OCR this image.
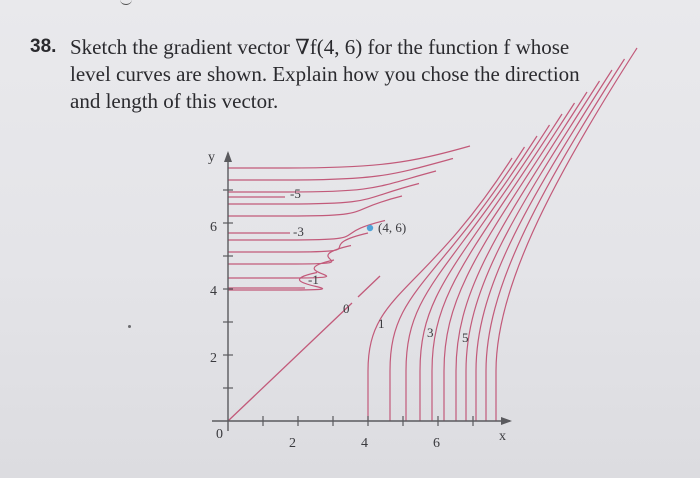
38. Sketch the gradient vector ∇f(4, 6) for the function f whose
level curves are shown. Explain how you chose the direction
and length of this vector.
y
x
0
2	4	6
2
4
6
-5
-3
-1
0
1
3 5
(4, 6)
